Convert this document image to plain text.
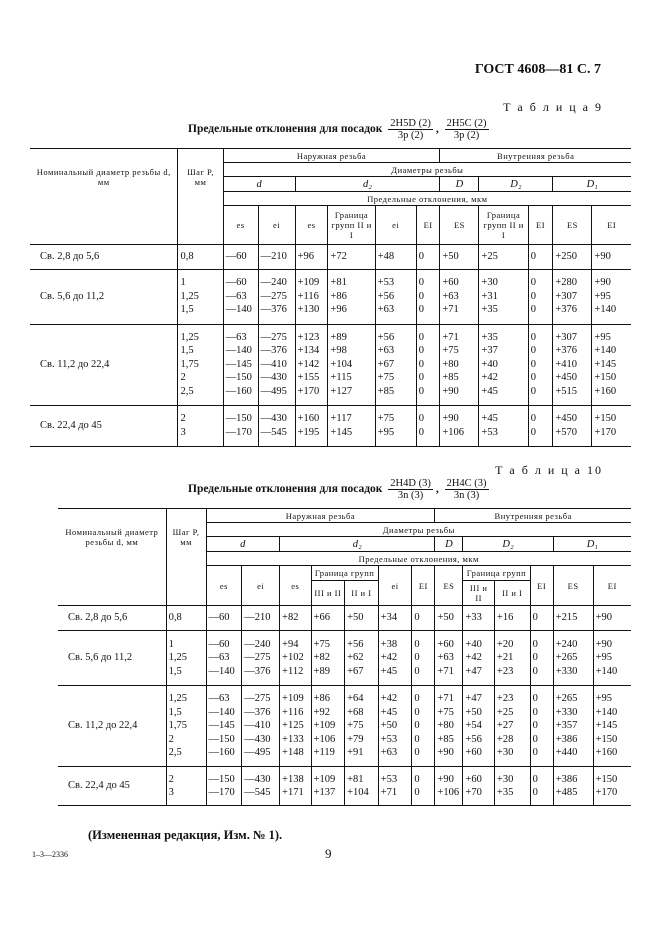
ГОСТ 4608—81 С. 7
Т а б л и ц а 9
Предельные отклонения для посадок $\frac{2H5D (2)}{3p (2)}$ , $\frac{2H5C (2)}{3p (2)}$
Номинальный диаметр резьбы d, мм	Шаг P, мм	Наружная резьба						Внутренняя резьба				
		Диаметры резьбы										
		d		d₂				D	D₂		D₁	
		Предельные отклонения, мкм										
		es	ei	es	Граница групп II и I	ei	EI	ES	Граница групп II и I	EI	ES	EI
Св. 2,8 до 5,6	0,8	—60	—210	+96	+72	+48	0	+50	+25	0	+250	+90
Св. 5,6 до 11,2	1
1,25
1,5	—60
—63
—140	—240
—275
—376	+109
+116
+130	+81
+86
+96	+53
+56
+63	0
0
0	+60
+63
+71	+30
+31
+35	0
0
0	+280
+307
+376	+90
+95
+140
Св. 11,2 до 22,4	1,25
1,5
1,75
2
2,5	—63
—140
—145
—150
—160	—275
—376
—410
—430
—495	+123
+134
+142
+155
+170	+89
+98
+104
+115
+127	+56
+63
+67
+75
+85	0
0
0
0
0	+71
+75
+80
+85
+90	+35
+37
+40
+42
+45	0
0
0
0
0	+307
+376
+410
+450
+515	+95
+140
+145
+150
+160
Св. 22,4 до 45	2
3	—150
—170	—430
—545	+160
+195	+117
+145	+75
+95	0
0	+90
+106	+45
+53	0
0	+450
+570	+150
+170
Т а б л и ц а 10
Предельные отклонения для посадок $\frac{2H4D (3)}{3n (3)}$ , $\frac{2H4C (3)}{3n (3)}$
Номинальный диаметр резьбы d, мм	Шаг P, мм	Наружная резьба							Внутренняя резьба					
		Диаметры резьбы												
		d		d₂					D	D₂			D₁	
		Предельные отклонения, мкм												
		es	ei	es	Граница групп		ei	EI	ES	Граница групп		EI	ES	EI
					III и II	II и I				III и II	II и I			
Св. 2,8 до 5,6	0,8	—60	—210	+82	+66	+50	+34	0	+50	+33	+16	0	+215	+90
Св. 5,6 до 11,2	1
1,25
1,5	—60
—63
—140	—240
—275
—376	+94
+102
+112	+75
+82
+89	+56
+62
+67	+38
+42
+45	0
0
0	+60
+63
+71	+40
+42
+47	+20
+21
+23	0
0
0	+240
+265
+330	+90
+95
+140
Св. 11,2 до 22,4	1,25
1,5
1,75
2
2,5	—63
—140
—145
—150
—160	—275
—376
—410
—430
—495	+109
+116
+125
+133
+148	+86
+92
+109
+106
+119	+64
+68
+75
+79
+91	+42
+45
+50
+53
+63	0
0
0
0
0	+71
+75
+80
+85
+90	+47
+50
+54
+56
+60	+23
+25
+27
+28
+30	0
0
0
0
0	+265
+330
+357
+386
+440	+95
+140
+145
+150
+160
Св. 22,4 до 45	2
3	—150
—170	—430
—545	+138
+171	+109
+137	+81
+104	+53
+71	0
0	+90
+106	+60
+70	+30
+35	0
0	+386
+485	+150
+170
(Измененная редакция, Изм. № 1).
1–3—2336	9
